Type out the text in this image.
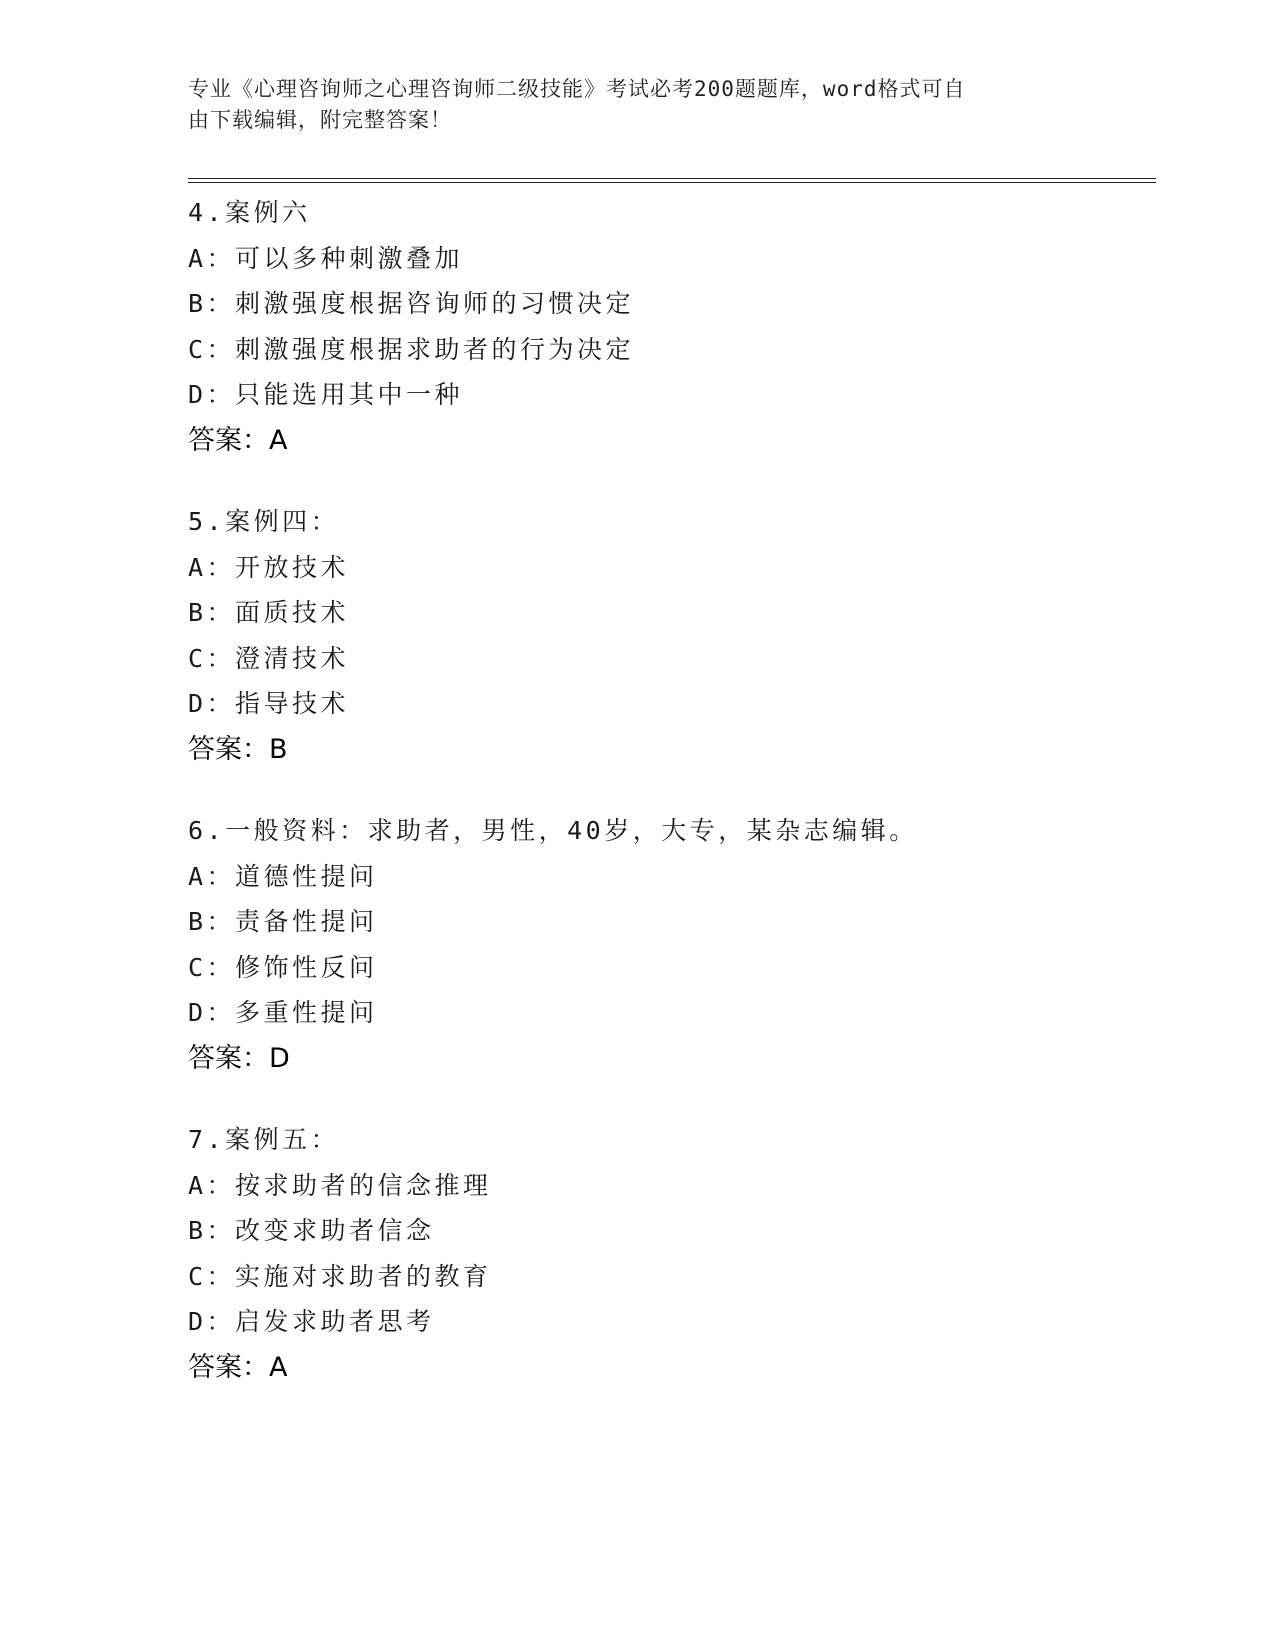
专业《心理咨询师之心理咨询师二级技能》考试必考200题题库，word格式可自
由下载编辑，附完整答案！
4.案例六
A：可以多种刺激叠加
B：刺激强度根据咨询师的习惯决定
C：刺激强度根据求助者的行为决定
D：只能选用其中一种
答案：A
5.案例四：
A：开放技术
B：面质技术
C：澄清技术
D：指导技术
答案：B
6.一般资料：求助者，男性，40岁，大专，某杂志编辑。
A：道德性提问
B：责备性提问
C：修饰性反问
D：多重性提问
答案：D
7.案例五：
A：按求助者的信念推理
B：改变求助者信念
C：实施对求助者的教育
D：启发求助者思考
答案：A
